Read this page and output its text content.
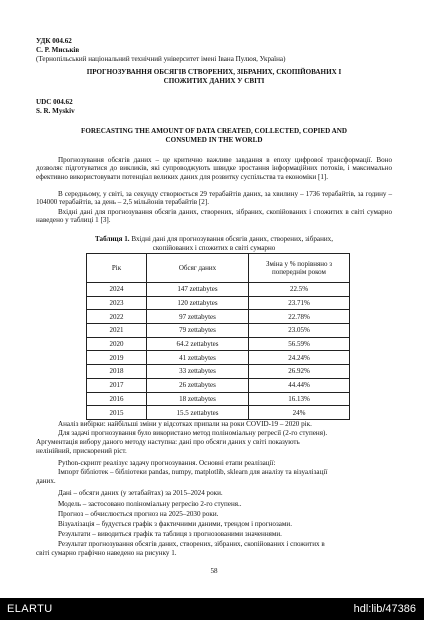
УДК 004.62
С. Р. Миськів
(Тернопільський національний технічний університет імені Івана Пулюя, Україна)
ПРОГНОЗУВАННЯ ОБСЯГІВ СТВОРЕНИХ, ЗІБРАНИХ, СКОПІЙОВАНИХ І
СПОЖИТИХ ДАНИХ У СВІТІ
UDC 004.62
S. R. Myskiv
FORECASTING THE AMOUNT OF DATA CREATED, COLLECTED, COPIED AND
CONSUMED IN THE WORLD
Прогнозування обсягів даних – це критично важливе завдання в епоху цифрової трансформації. Воно дозволяє підготуватися до викликів, які супроводжують швидке зростання інформаційних потоків, і максимально ефективно використовувати потенціал великих даних для розвитку суспільства та економіки [1].
В середньому, у світі, за секунду створюється 29 терабайтів даних, за хвилину – 1736 терабайтів, за годину – 104000 терабайтів, за день – 2,5 мільйонів терабайтів [2].
Вхідні дані для прогнозування обсягів даних, створених, зібраних, скопійованих і спожитих в світі сумарно наведено у таблиці 1 [3].
Таблиця 1. Вхідні дані для прогнозування обсягів даних, створених, зібраних,
скопійованих і спожитих в світі сумарно
Рік	Обсяг даних	Зміна у % порівняно з попереднім роком
2024	147 zettabytes	22.5%
2023	120 zettabytes	23.71%
2022	97 zettabytes	22.78%
2021	79 zettabytes	23.05%
2020	64.2 zettabytes	56.59%
2019	41 zettabytes	24.24%
2018	33 zettabytes	26.92%
2017	26 zettabytes	44.44%
2016	18 zettabytes	16.13%
2015	15.5 zettabytes	24%
Аналіз вибірки: найбільші зміни у відсотках припали на роки COVID-19 – 2020 рік.
Для задачі прогнозування було використано метод поліноміальну регресії (2-го ступеня).
Аргументація вибору даного методу наступна: дані про обсяги даних у світі показують
нелінійний, прискорений ріст.
Python-скрипт реалізує задачу прогнозування. Основні етапи реалізації:
Імпорт бібліотек – бібліотеки pandas, numpy, matplotlib, sklearn для аналізу та візуалізації
даних.
Дані – обсяги даних (у зетабайтах) за 2015–2024 роки.
Модель – застосовано поліноміальну регресію 2-го ступеня..
Прогноз – обчислюється прогноз на 2025–2030 роки.
Візуалізація – будується графік з фактичними даними, трендом і прогнозами.
Результати – виводиться графік та таблиця з прогнозованими значеннями.
Результат прогнозування обсягів даних, створених, зібраних, скопійованих і спожитих в
світі сумарно графічно наведено на рисунку 1.
58
ELARTU	hdl:lib/47386
